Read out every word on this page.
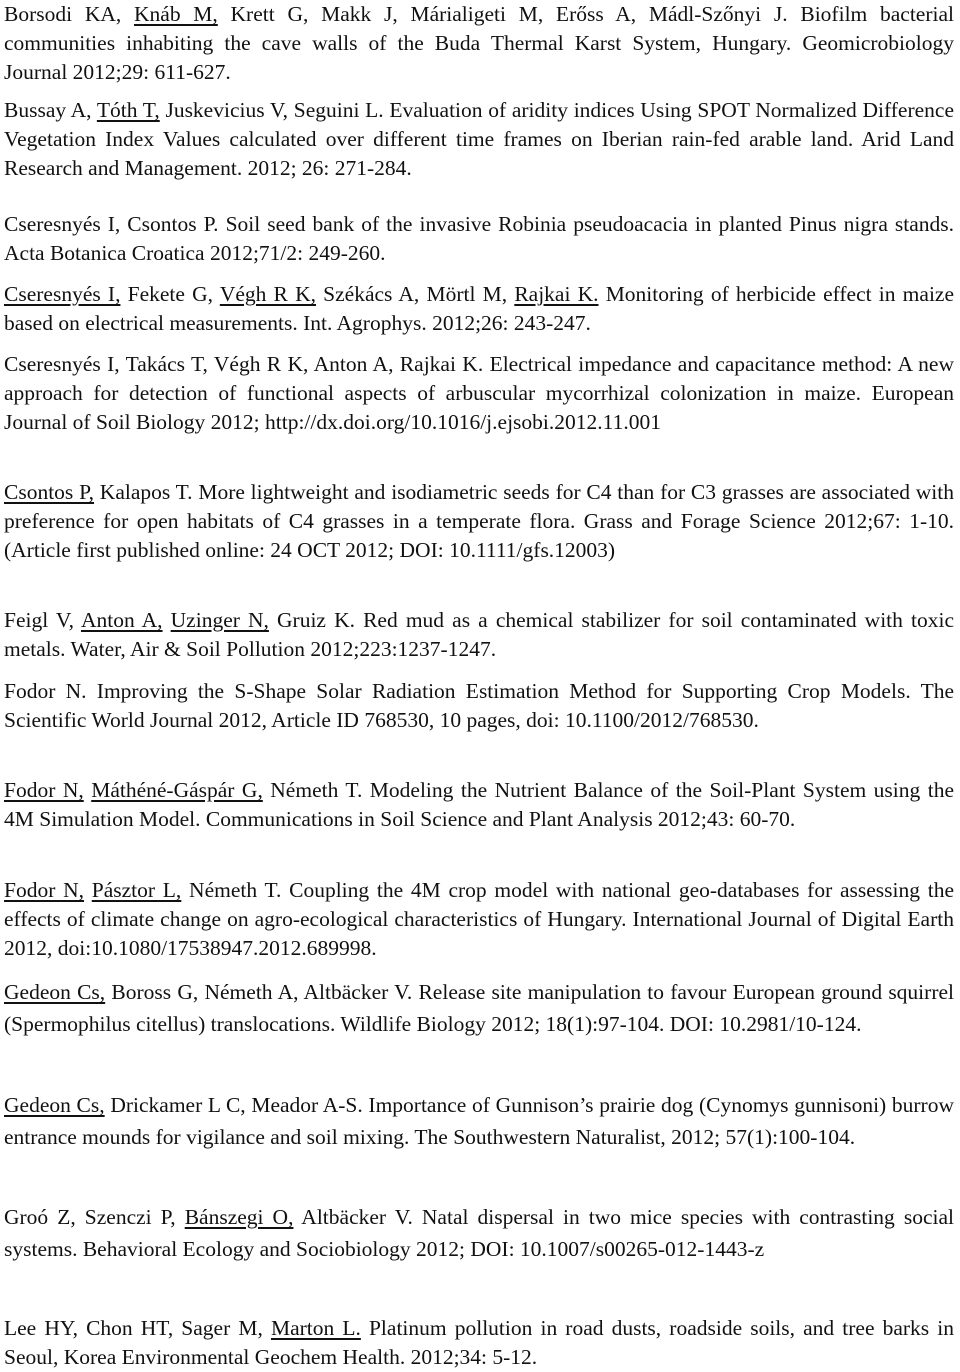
Borsodi KA, Knáb M, Krett G, Makk J, Márialigeti M, Erőss A, Mádl-Szőnyi J. Biofilm bacterial communities inhabiting the cave walls of the Buda Thermal Karst System, Hungary. Geomicrobiology Journal 2012;29: 611-627.

Bussay A, Tóth T, Juskevicius V, Seguini L. Evaluation of aridity indices Using SPOT Normalized Difference Vegetation Index Values calculated over different time frames on Iberian rain-fed arable land. Arid Land Research and Management. 2012; 26: 271-284.

Cseresnyés I, Csontos P. Soil seed bank of the invasive Robinia pseudoacacia in planted Pinus nigra stands. Acta Botanica Croatica 2012;71/2: 249-260.

Cseresnyés I, Fekete G, Végh R K, Székács A, Mörtl M, Rajkai K. Monitoring of herbicide effect in maize based on electrical measurements. Int. Agrophys. 2012;26: 243-247.

Cseresnyés I, Takács T, Végh R K, Anton A, Rajkai K. Electrical impedance and capacitance method: A new approach for detection of functional aspects of arbuscular mycorrhizal colonization in maize. European Journal of Soil Biology 2012; http://dx.doi.org/10.1016/j.ejsobi.2012.11.001

Csontos P, Kalapos T. More lightweight and isodiametric seeds for C4 than for C3 grasses are associated with preference for open habitats of C4 grasses in a temperate flora. Grass and Forage Science 2012;67: 1-10. (Article first published online: 24 OCT 2012; DOI: 10.1111/gfs.12003)

Feigl V, Anton A, Uzinger N, Gruiz K. Red mud as a chemical stabilizer for soil contaminated with toxic metals. Water, Air & Soil Pollution 2012;223:1237-1247.

Fodor N. Improving the S-Shape Solar Radiation Estimation Method for Supporting Crop Models. The Scientific World Journal 2012, Article ID 768530, 10 pages, doi: 10.1100/2012/768530.

Fodor N, Máthéné-Gáspár G, Németh T. Modeling the Nutrient Balance of the Soil-Plant System using the 4M Simulation Model. Communications in Soil Science and Plant Analysis 2012;43: 60-70.

Fodor N, Pásztor L, Németh T. Coupling the 4M crop model with national geo-databases for assessing the effects of climate change on agro-ecological characteristics of Hungary. International Journal of Digital Earth 2012, doi:10.1080/17538947.2012.689998.

Gedeon Cs, Boross G, Németh A, Altbäcker V. Release site manipulation to favour European ground squirrel (Spermophilus citellus) translocations. Wildlife Biology 2012; 18(1):97-104. DOI: 10.2981/10-124.

Gedeon Cs, Drickamer L C, Meador A-S. Importance of Gunnison’s prairie dog (Cynomys gunnisoni) burrow entrance mounds for vigilance and soil mixing. The Southwestern Naturalist, 2012; 57(1):100-104.

Groó Z, Szenczi P, Bánszegi O, Altbäcker V. Natal dispersal in two mice species with contrasting social systems. Behavioral Ecology and Sociobiology 2012; DOI: 10.1007/s00265-012-1443-z

Lee HY, Chon HT, Sager M, Marton L. Platinum pollution in road dusts, roadside soils, and tree barks in Seoul, Korea Environmental Geochem Health. 2012;34: 5-12.
